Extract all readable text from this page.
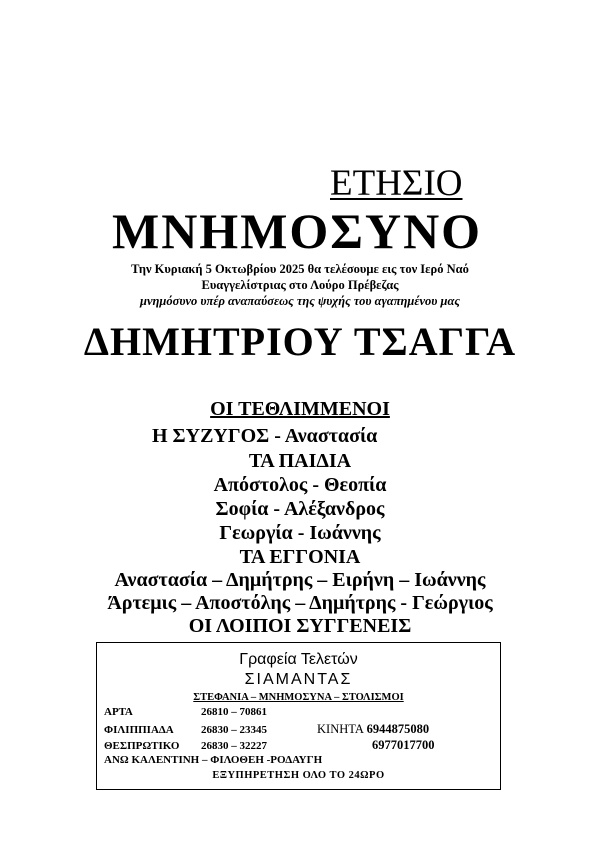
ΕΤΗΣΙΟ
ΜΝΗΜΟΣΥΝΟ
Την Κυριακή 5 Οκτωβρίου 2025 θα τελέσουμε εις τον Ιερό Ναό
Ευαγγελίστριας στο Λούρο Πρέβεζας
μνημόσυνο υπέρ αναπαύσεως της ψυχής του αγαπημένου μας
ΔΗΜΗΤΡΙΟΥ ΤΣΑΓΓΑ
ΟΙ ΤΕΘΛΙΜΜΕΝΟΙ
Η ΣΥΖΥΓΟΣ - Αναστασία
ΤΑ ΠΑΙΔΙΑ
Απόστολος - Θεοπία
Σοφία - Αλέξανδρος
Γεωργία - Ιωάννης
ΤΑ ΕΓΓΟΝΙΑ
Αναστασία – Δημήτρης – Ειρήνη – Ιωάννης
Άρτεμις – Αποστόλης – Δημήτρης - Γεώργιος
ΟΙ ΛΟΙΠΟΙ ΣΥΓΓΕΝΕΙΣ
Γραφεία Τελετών
ΣΙΑΜΑΝΤΑΣ
ΣΤΕΦΑΝΙΑ – ΜΝΗΜΟΣΥΝΑ – ΣΤΟΛΙΣΜΟΙ
ΑΡΤΑ	26810 – 70861
ΦΙΛΙΠΠΙΑΔΑ 26830 – 23345	ΚΙΝΗΤΑ 6944875080
ΘΕΣΠΡΩΤΙΚΟ 26830 – 32227	6977017700
ΑΝΩ ΚΑΛΕΝΤΙΝΗ – ΦΙΛΟΘΕΗ -ΡΟΔΑΥΓΗ
ΕΞΥΠΗΡΕΤΗΣΗ ΟΛΟ ΤΟ 24ΩΡΟ
